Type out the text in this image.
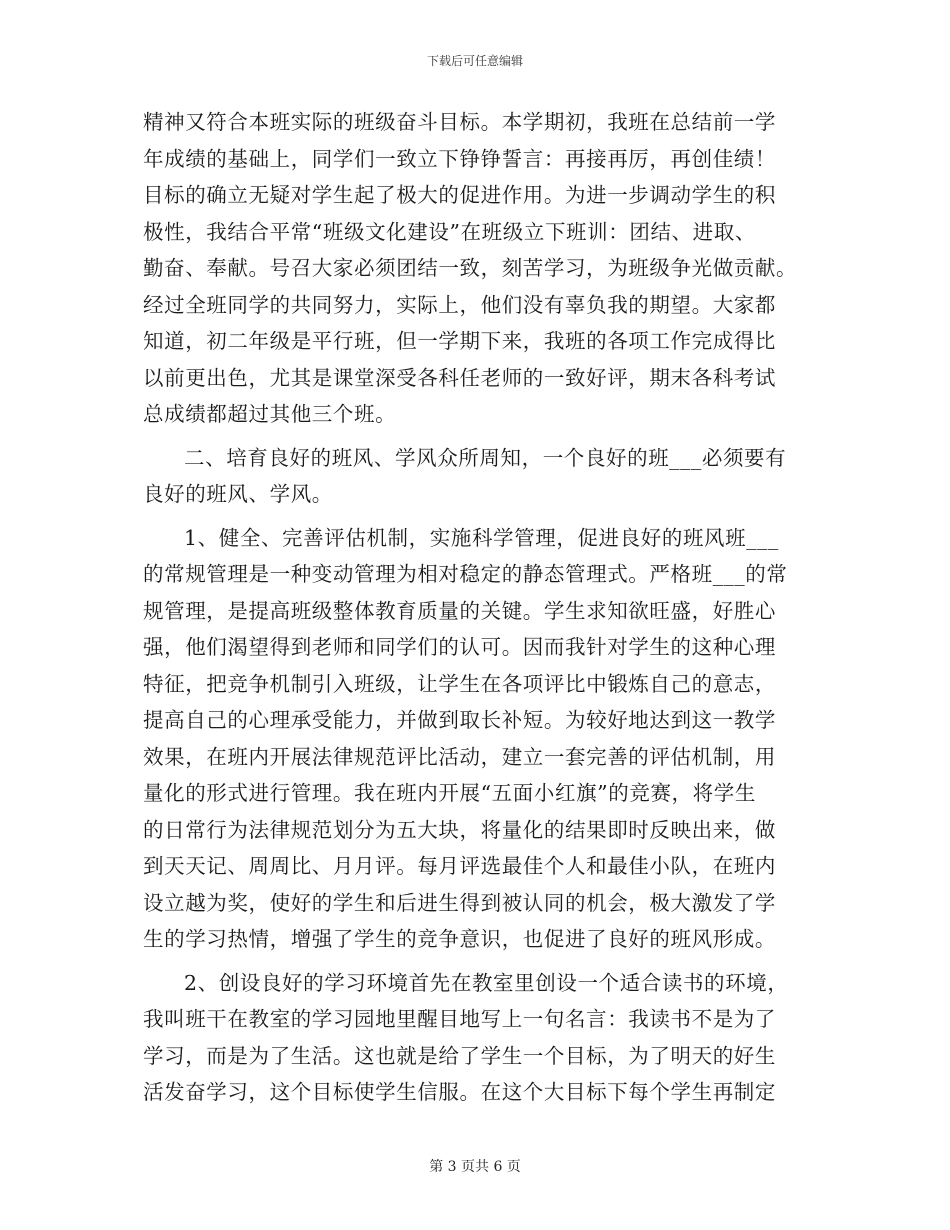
下载后可任意编辑
精神又符合本班实际的班级奋斗目标。本学期初，我班在总结前一学
年成绩的基础上，同学们一致立下铮铮誓言：再接再厉，再创佳绩！
目标的确立无疑对学生起了极大的促进作用。为进一步调动学生的积
极性，我结合平常“班级文化建设”在班级立下班训：团结、进取、
勤奋、奉献。号召大家必须团结一致，刻苦学习，为班级争光做贡献。
经过全班同学的共同努力，实际上，他们没有辜负我的期望。大家都
知道，初二年级是平行班，但一学期下来，我班的各项工作完成得比
以前更出色，尤其是课堂深受各科任老师的一致好评，期末各科考试
总成绩都超过其他三个班。
二、培育良好的班风、学风众所周知，一个良好的班___必须要有
良好的班风、学风。
1、健全、完善评估机制，实施科学管理，促进良好的班风班___
的常规管理是一种变动管理为相对稳定的静态管理式。严格班___的常
规管理，是提高班级整体教育质量的关键。学生求知欲旺盛，好胜心
强，他们渴望得到老师和同学们的认可。因而我针对学生的这种心理
特征，把竞争机制引入班级，让学生在各项评比中锻炼自己的意志，
提高自己的心理承受能力，并做到取长补短。为较好地达到这一教学
效果，在班内开展法律规范评比活动，建立一套完善的评估机制，用
量化的形式进行管理。我在班内开展“五面小红旗”的竞赛，将学生
的日常行为法律规范划分为五大块，将量化的结果即时反映出来，做
到天天记、周周比、月月评。每月评选最佳个人和最佳小队，在班内
设立越为奖，使好的学生和后进生得到被认同的机会，极大激发了学
生的学习热情，增强了学生的竞争意识，也促进了良好的班风形成。
2、创设良好的学习环境首先在教室里创设一个适合读书的环境，
我叫班干在教室的学习园地里醒目地写上一句名言：我读书不是为了
学习，而是为了生活。这也就是给了学生一个目标，为了明天的好生
活发奋学习，这个目标使学生信服。在这个大目标下每个学生再制定
第 3 页共 6 页
